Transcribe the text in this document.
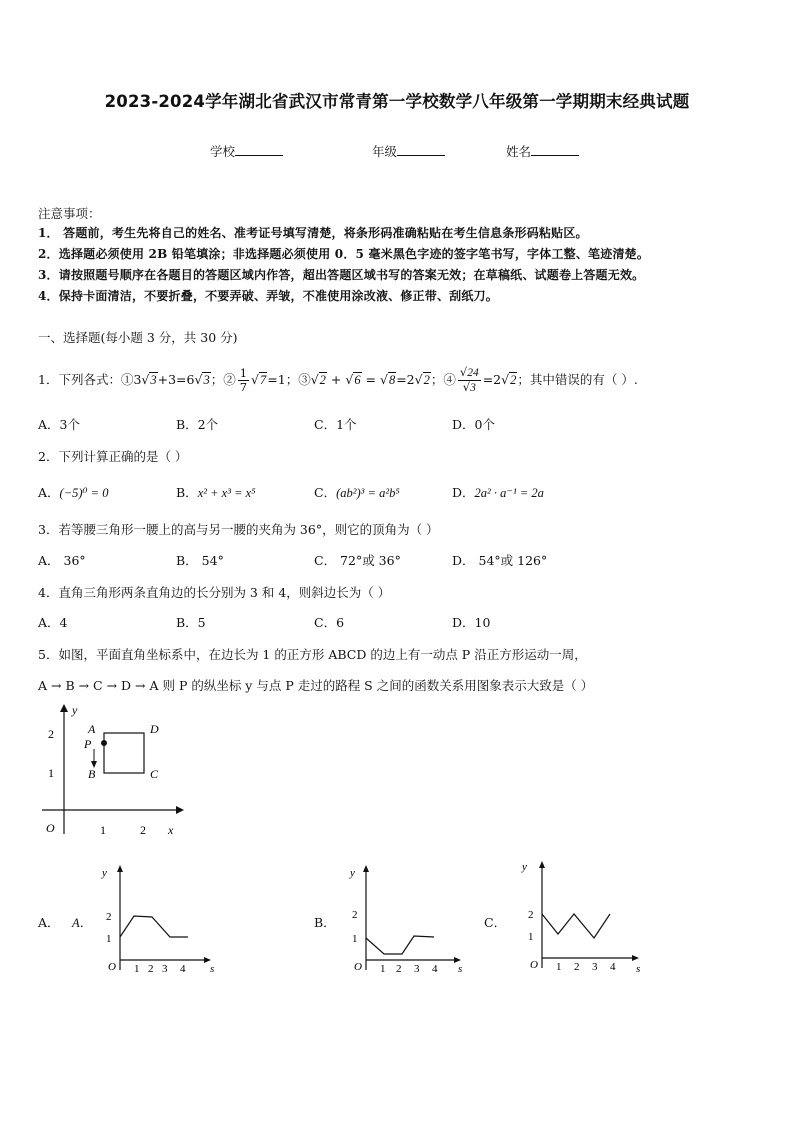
2023-2024学年湖北省武汉市常青第一学校数学八年级第一学期期末经典试题
学校	年级	姓名
注意事项：
1． 答题前，考生先将自己的姓名、准考证号填写清楚，将条形码准确粘贴在考生信息条形码粘贴区。
2．选择题必须使用 2B 铅笔填涂；非选择题必须使用 0．5 毫米黑色字迹的签字笔书写，字体工整、笔迹清楚。
3．请按照题号顺序在各题目的答题区域内作答，超出答题区域书写的答案无效；在草稿纸、试题卷上答题无效。
4．保持卡面清洁，不要折叠，不要弄破、弄皱，不准使用涂改液、修正带、刮纸刀。
一、选择题(每小题 3 分，共 30 分)
1．下列各式：①3√3+3=6√3；② $\frac{1}{7} √7=1$；③√2 + √6 = √8=2√2；④ $\frac{√24}{√3} =2√2$；其中错误的有（ ）.
A．3个	B．2个	C．1个	D．0个
2．下列计算正确的是（ ）
A．(−5)⁰ = 0	B．x² + x³ = x⁵	C．(ab²)³ = a²b⁵	D．2a² · a⁻¹ = 2a
3．若等腰三角形一腰上的高与另一腰的夹角为 36°，则它的顶角为（ ）
A． 36°	B． 54°	C． 72°或 36°	D． 54°或 126°
4．直角三角形两条直角边的长分别为 3 和 4，则斜边长为（ ）
A．4	B．5	C．6	D．10
5．如图，平面直角坐标系中，在边长为 1 的正方形 ABCD 的边上有一动点 P 沿正方形运动一周，
A → B → C → D → A 则 P 的纵坐标 y 与点 P 走过的路程 S 之间的函数关系用图象表示大致是（ ）
y
x
O	1	2
1
2	A
B	C
D
P
A． A．
y
s
O 1 2 3 4
1
2	B．
y
s
O 1 2 3 4
1
2	C．
y
s
O 1 2 3 4
1
2
